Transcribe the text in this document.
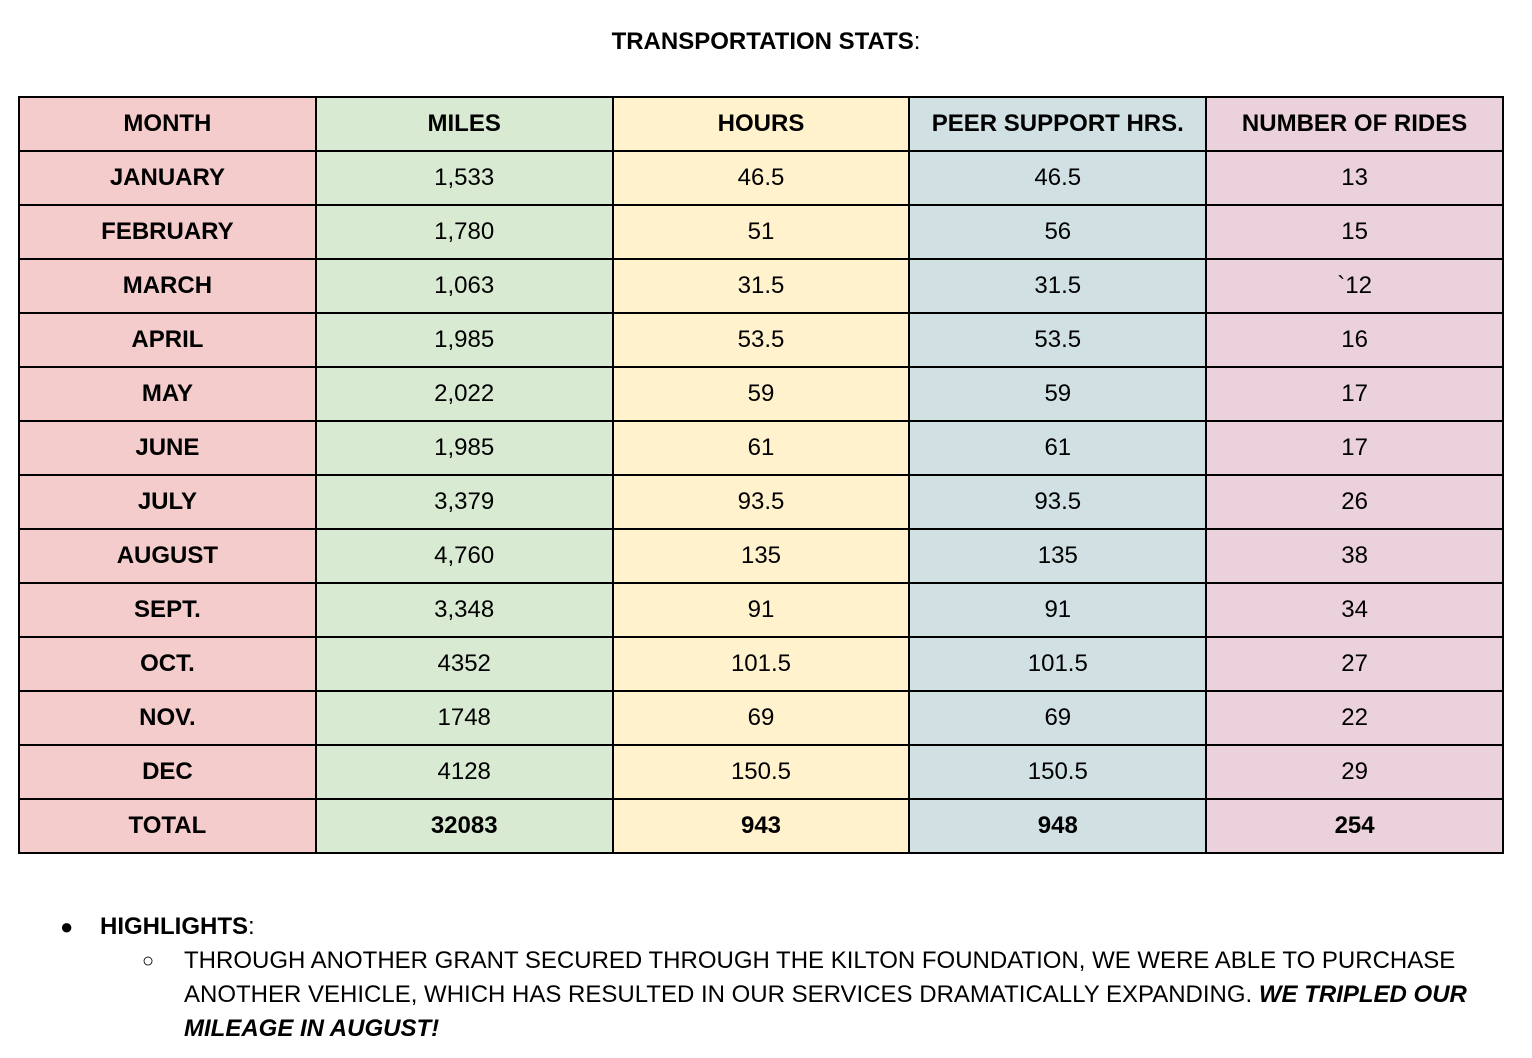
TRANSPORTATION STATS:
MONTH	MILES	HOURS	PEER SUPPORT HRS.	NUMBER OF RIDES
JANUARY	1,533	46.5	46.5	13
FEBRUARY	1,780	51	56	15
MARCH	1,063	31.5	31.5	`12
APRIL	1,985	53.5	53.5	16
MAY	2,022	59	59	17
JUNE	1,985	61	61	17
JULY	3,379	93.5	93.5	26
AUGUST	4,760	135	135	38
SEPT.	3,348	91	91	34
OCT.	4352	101.5	101.5	27
NOV.	1748	69	69	22
DEC	4128	150.5	150.5	29
TOTAL	32083	943	948	254
● HIGHLIGHTS:
○ THROUGH ANOTHER GRANT SECURED THROUGH THE KILTON FOUNDATION, WE WERE ABLE TO PURCHASE ANOTHER VEHICLE, WHICH HAS RESULTED IN OUR SERVICES DRAMATICALLY EXPANDING. WE TRIPLED OUR MILEAGE IN AUGUST!
